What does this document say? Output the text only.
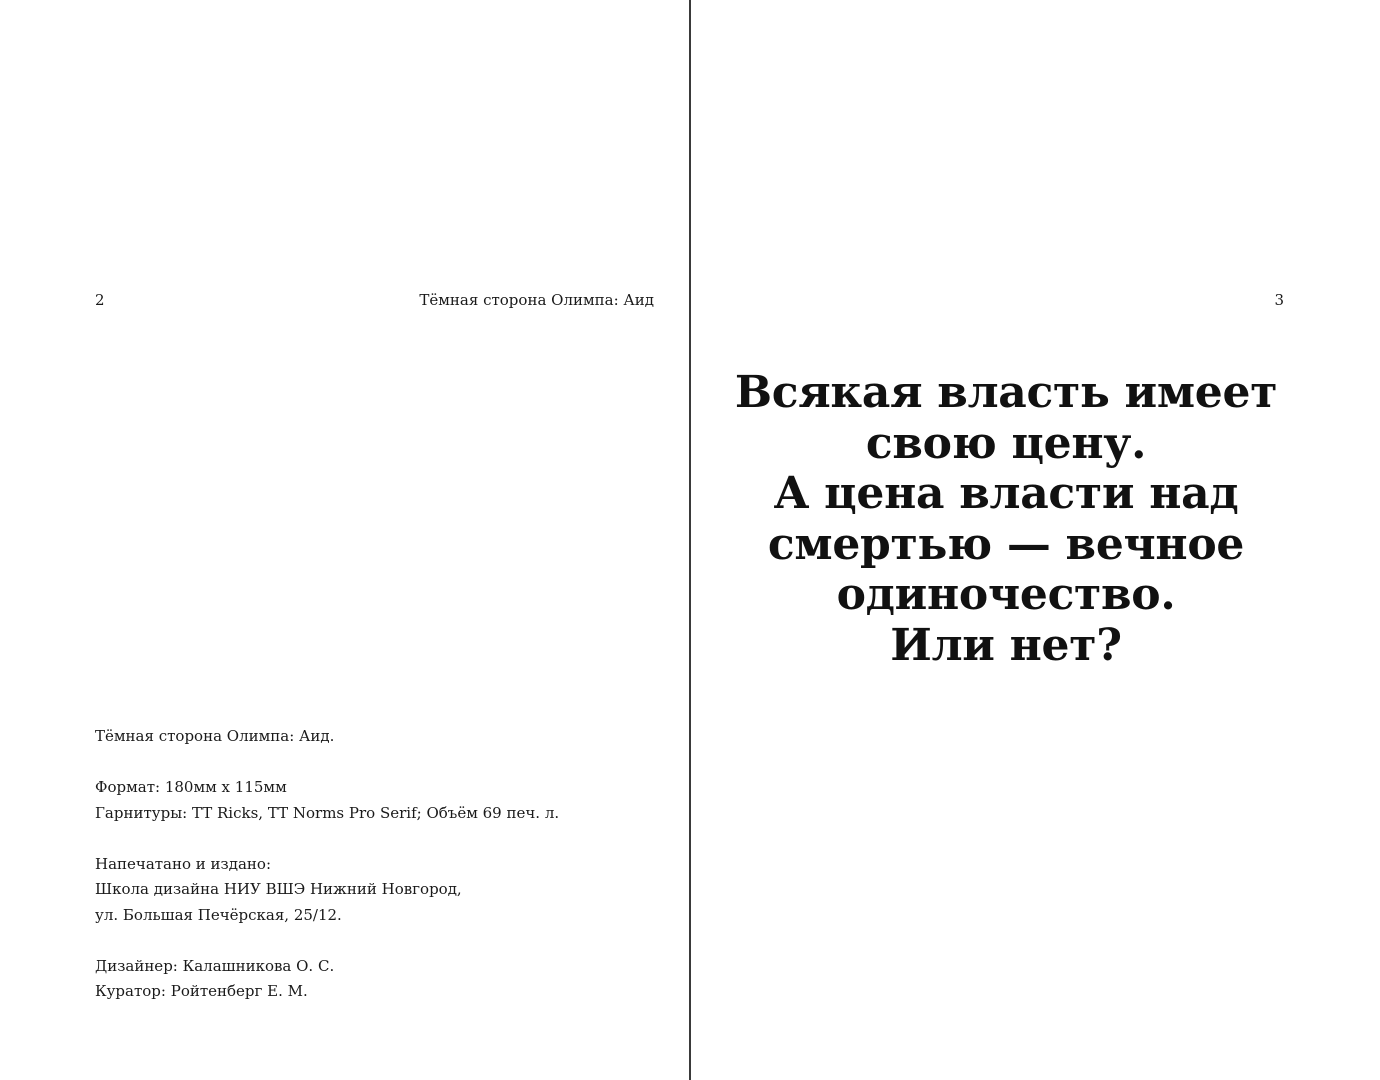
2	Тёмная сторона Олимпа: Аид
Тёмная сторона Олимпа: Аид.
Формат: 180мм х 115мм
Гарнитуры: TT Ricks, TT Norms Pro Serif; Объём 69 печ. л.
Напечатано и издано:
Школа дизайна НИУ ВШЭ Нижний Новгород,
ул. Большая Печёрская, 25/12.
Дизайнер: Калашникова О. С.
Куратор: Ройтенберг Е. М.
3
Всякая власть имеет
свою цену.
А цена власти над
смертью — вечное
одиночество.
Или нет?
